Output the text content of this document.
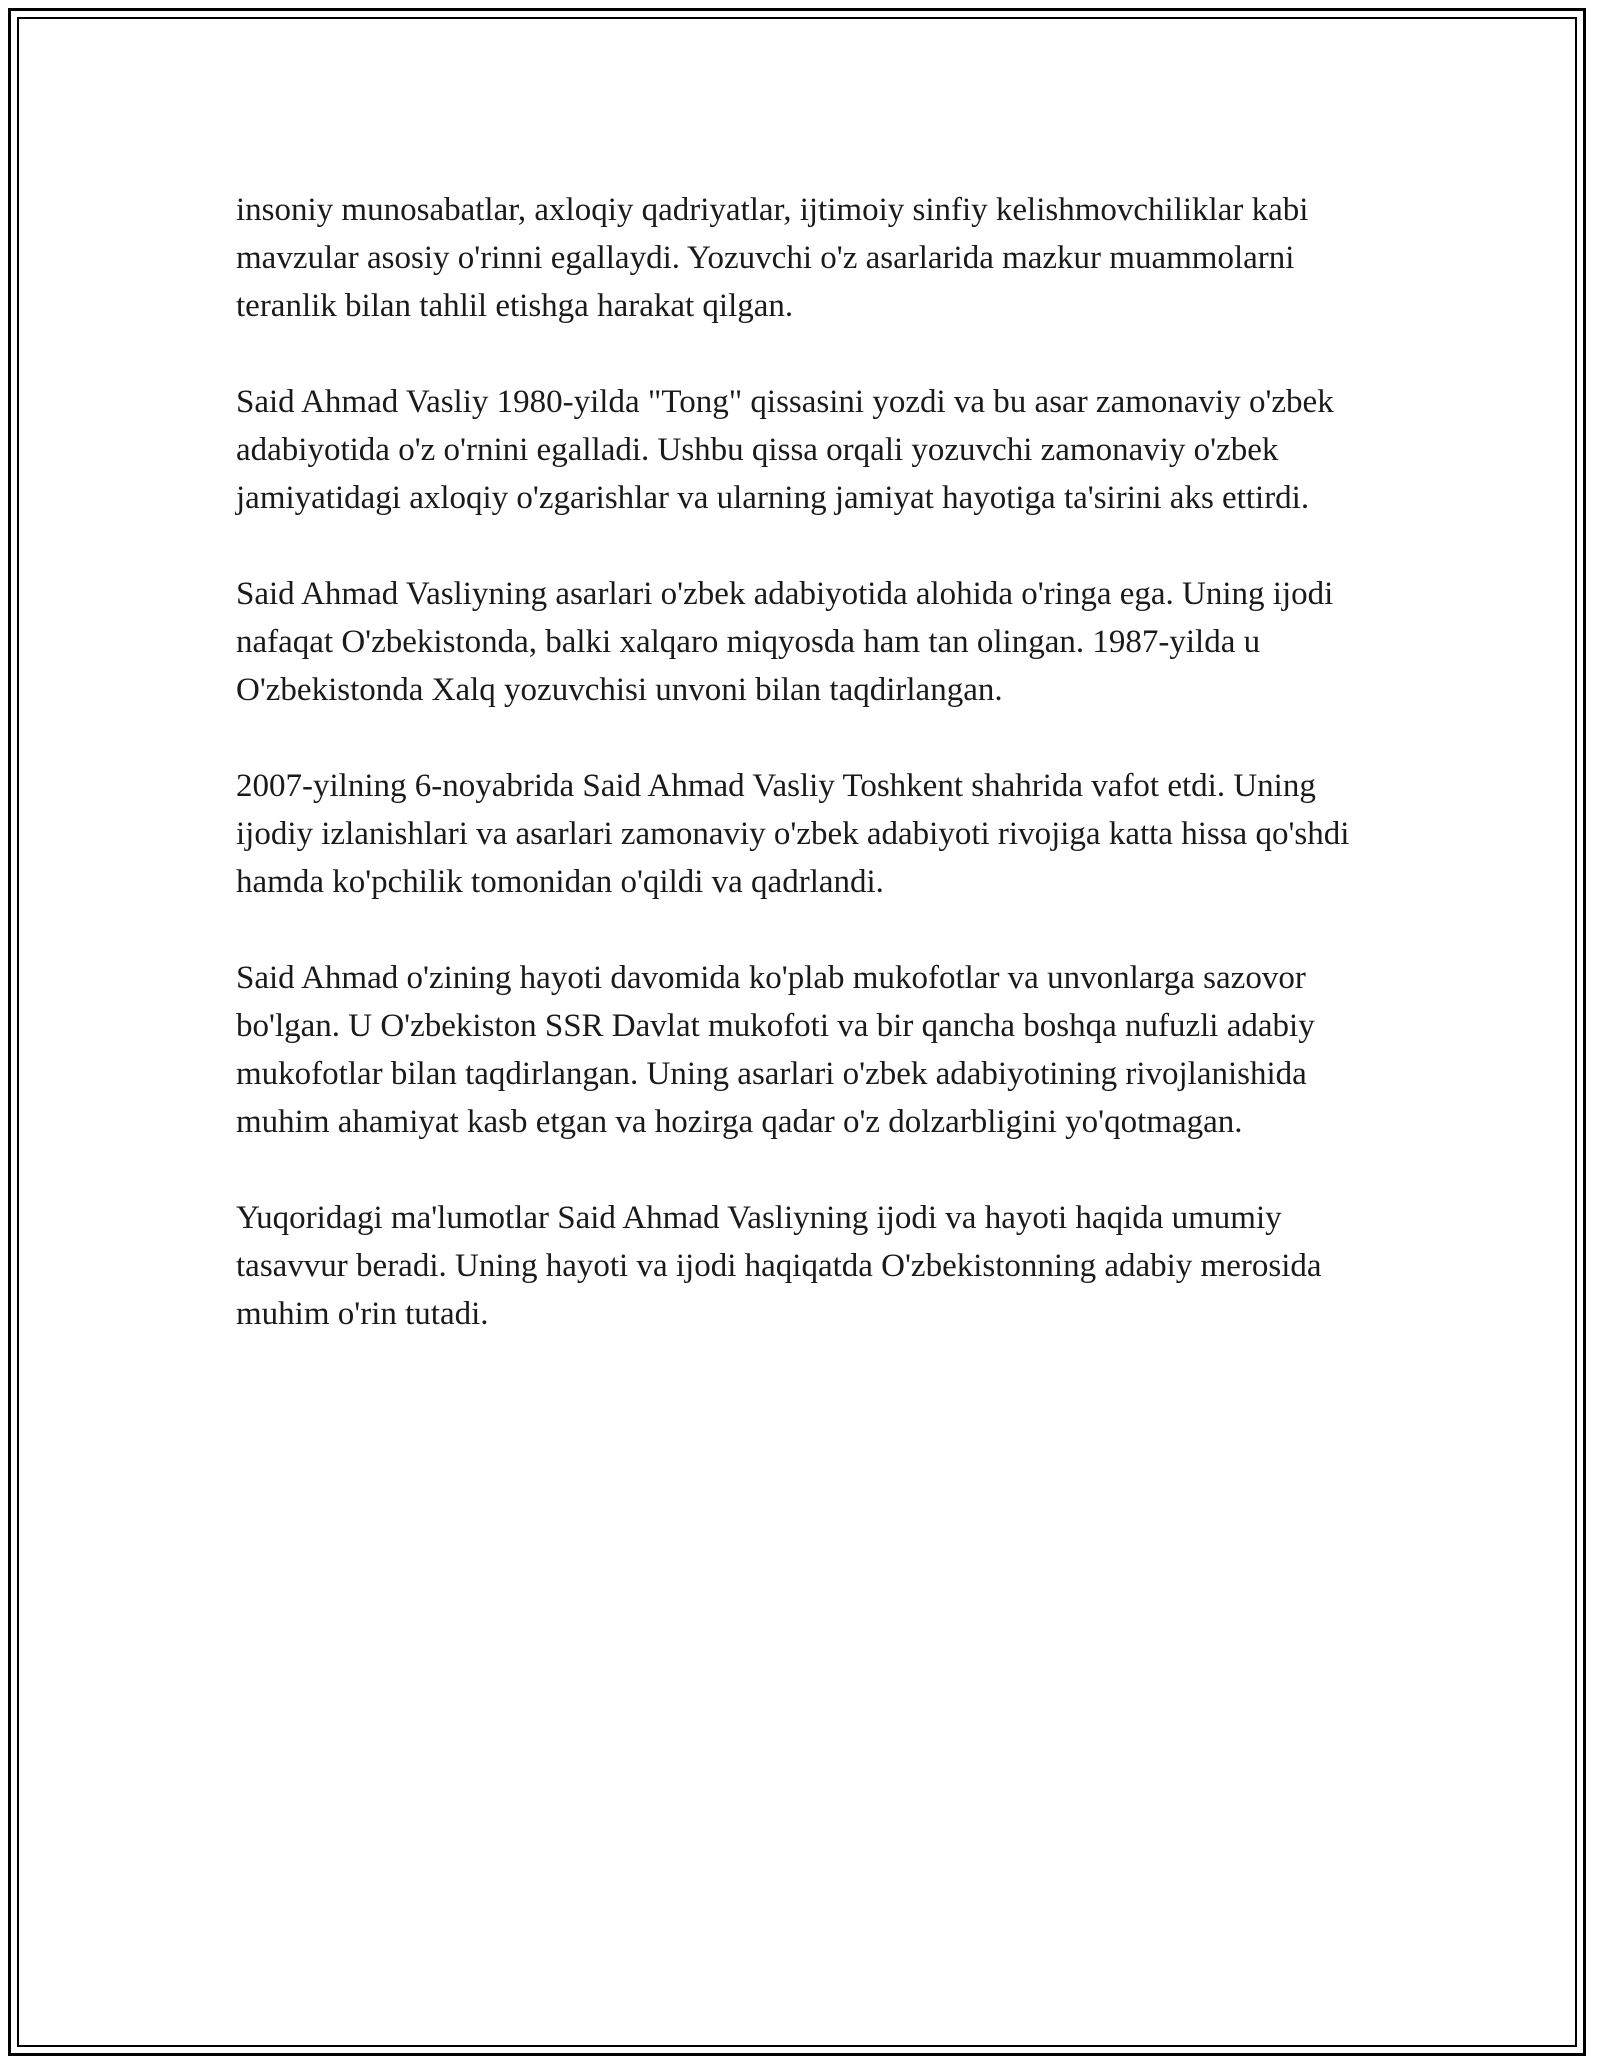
insoniy munosabatlar, axloqiy qadriyatlar, ijtimoiy sinfiy kelishmovchiliklar kabi mavzular asosiy o'rinni egallaydi. Yozuvchi o'z asarlarida mazkur muammolarni teranlik bilan tahlil etishga harakat qilgan.

Said Ahmad Vasliy 1980-yilda "Tong" qissasini yozdi va bu asar zamonaviy o'zbek adabiyotida o'z o'rnini egalladi. Ushbu qissa orqali yozuvchi zamonaviy o'zbek jamiyatidagi axloqiy o'zgarishlar va ularning jamiyat hayotiga ta'sirini aks ettirdi.

Said Ahmad Vasliyning asarlari o'zbek adabiyotida alohida o'ringa ega. Uning ijodi nafaqat O'zbekistonda, balki xalqaro miqyosda ham tan olingan. 1987-yilda u O'zbekistonda Xalq yozuvchisi unvoni bilan taqdirlangan.

2007-yilning 6-noyabrida Said Ahmad Vasliy Toshkent shahrida vafot etdi. Uning ijodiy izlanishlari va asarlari zamonaviy o'zbek adabiyoti rivojiga katta hissa qo'shdi hamda ko'pchilik tomonidan o'qildi va qadrlandi.

Said Ahmad o'zining hayoti davomida ko'plab mukofotlar va unvonlarga sazovor bo'lgan. U O'zbekiston SSR Davlat mukofoti va bir qancha boshqa nufuzli adabiy mukofotlar bilan taqdirlangan. Uning asarlari o'zbek adabiyotining rivojlanishida muhim ahamiyat kasb etgan va hozirga qadar o'z dolzarbligini yo'qotmagan.

Yuqoridagi ma'lumotlar Said Ahmad Vasliyning ijodi va hayoti haqida umumiy tasavvur beradi. Uning hayoti va ijodi haqiqatda O'zbekistonning adabiy merosida muhim o'rin tutadi.
